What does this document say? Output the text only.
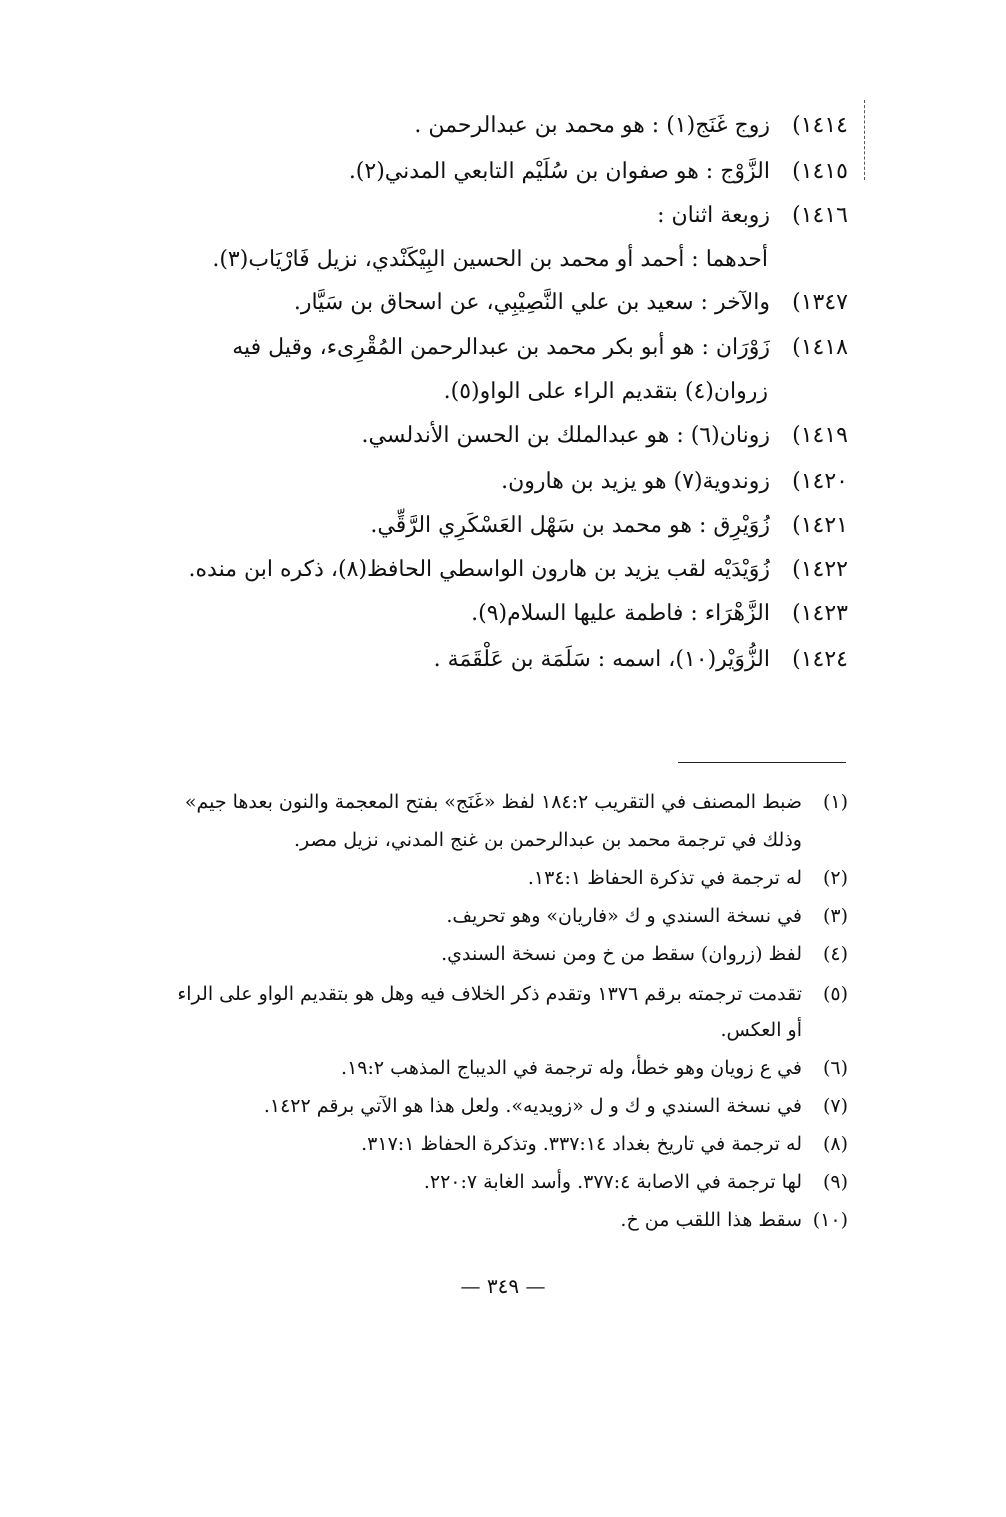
١٤١٤)زوج غَنَج(١) : هو محمد بن عبدالرحمن .
١٤١٥)الزَّوْج : هو صفوان بن سُلَيْم التابعي المدني(٢).
١٤١٦)زوبعة اثنان :
أحدهما : أحمد أو محمد بن الحسين البِيْكَنْدي، نزيل فَارْيَاب(٣).
١٣٤٧)والآخر : سعيد بن علي النَّصِيْبِي، عن اسحاق بن سَيَّار.
١٤١٨)زَوْرَان : هو أبو بكر محمد بن عبدالرحمن المُقْرِىء، وقيل فيه
زروان(٤) بتقديم الراء على الواو(٥).
١٤١٩)زونان(٦) : هو عبدالملك بن الحسن الأندلسي.
١٤٢٠)زوندوية(٧) هو يزيد بن هارون.
١٤٢١)زُوَيْرِق : هو محمد بن سَهْل العَسْكَرِي الرَّقِّي.
١٤٢٢)زُوَيْدَيْه لقب يزيد بن هارون الواسطي الحافظ(٨)، ذكره ابن منده.
١٤٢٣)الزَّهْرَاء : فاطمة عليها السلام(٩).
١٤٢٤)الزُّوَيْر(١٠)، اسمه : سَلَمَة بن عَلْقَمَة .
(١)ضبط المصنف في التقريب ١٨٤:٢ لفظ «غَنَج» بفتح المعجمة والنون بعدها جيم»
وذلك في ترجمة محمد بن عبدالرحمن بن غنج المدني، نزيل مصر.
(٢)له ترجمة في تذكرة الحفاظ ١٣٤:١.
(٣)في نسخة السندي و ك «فاريان» وهو تحريف.
(٤)لفظ (زروان) سقط من خ ومن نسخة السندي.
(٥)تقدمت ترجمته برقم ١٣٧٦ وتقدم ذكر الخلاف فيه وهل هو بتقديم الواو على الراء
أو العكس.
(٦)في ع زويان وهو خطأ، وله ترجمة في الديباج المذهب ١٩:٢.
(٧)في نسخة السندي و ك و ل «زويديه». ولعل هذا هو الآتي برقم ١٤٢٢.
(٨)له ترجمة في تاريخ بغداد ٣٣٧:١٤. وتذكرة الحفاظ ٣١٧:١.
(٩)لها ترجمة في الاصابة ٣٧٧:٤. وأسد الغابة ٢٢٠:٧.
(١٠)سقط هذا اللقب من خ.
— ٣٤٩ —
